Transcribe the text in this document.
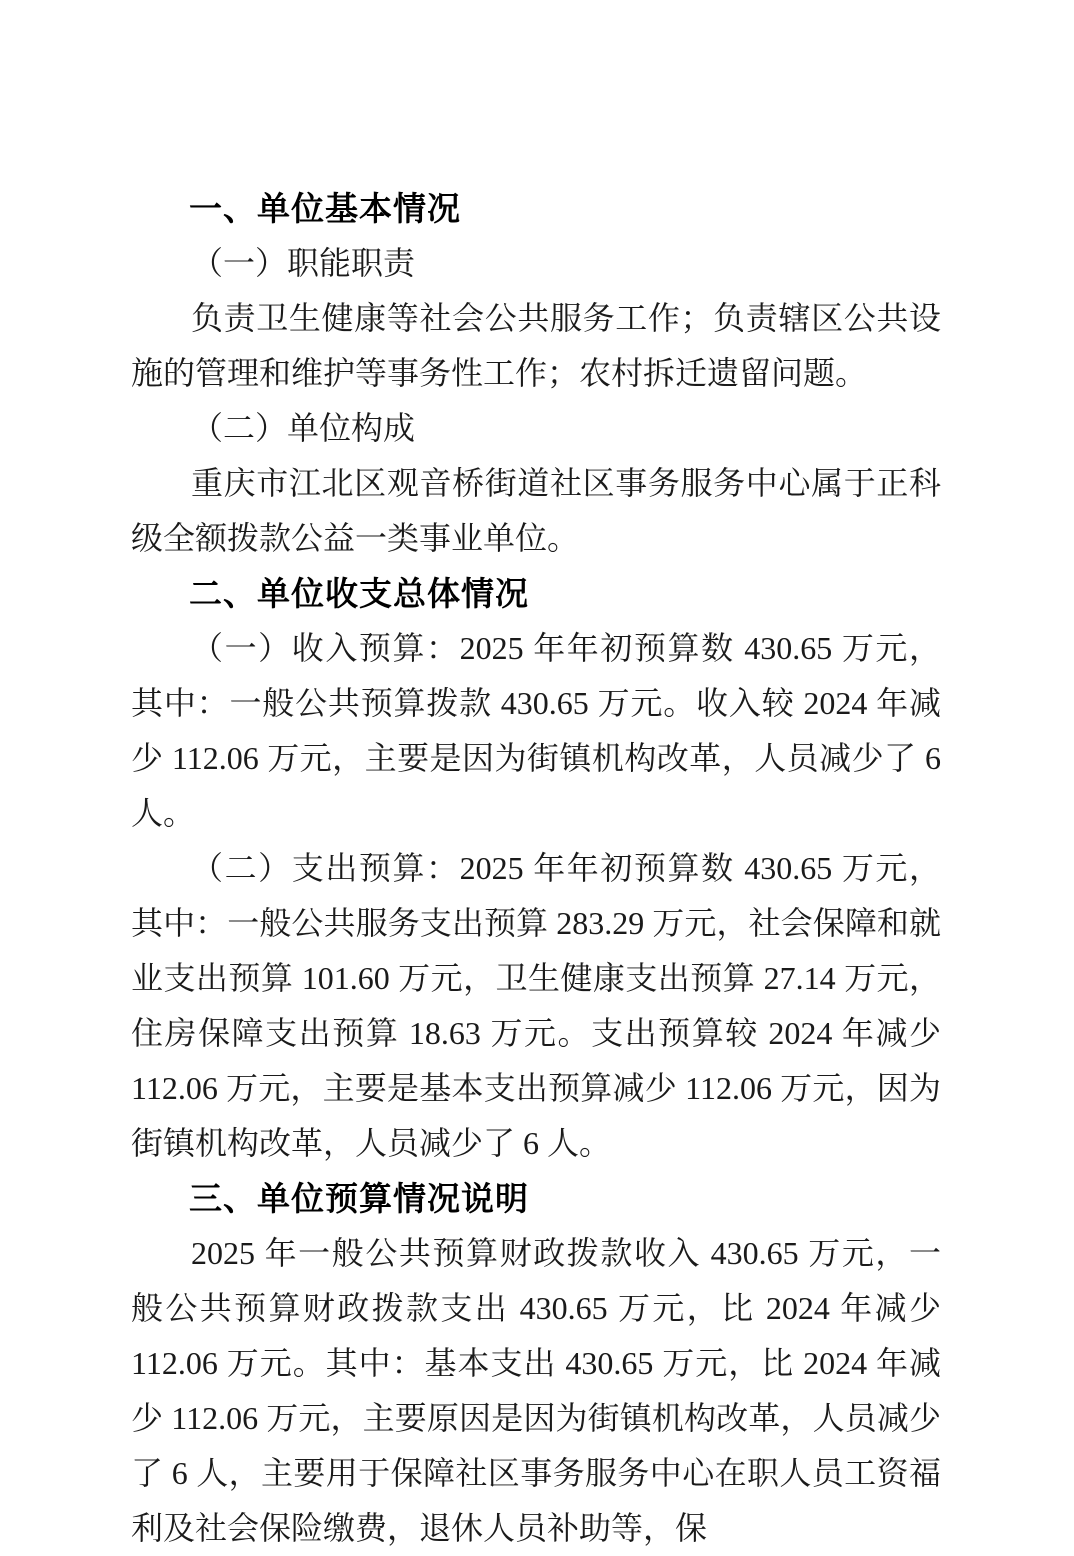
一、单位基本情况

（一）职能职责

负责卫生健康等社会公共服务工作；负责辖区公共设施的管理和维护等事务性工作；农村拆迁遗留问题。

（二）单位构成

重庆市江北区观音桥街道社区事务服务中心属于正科级全额拨款公益一类事业单位。

二、单位收支总体情况

（一）收入预算：2025 年年初预算数 430.65 万元，其中：一般公共预算拨款 430.65 万元。收入较 2024 年减少 112.06 万元，主要是因为街镇机构改革，人员减少了 6 人。

（二）支出预算：2025 年年初预算数 430.65 万元，其中：一般公共服务支出预算 283.29 万元，社会保障和就业支出预算 101.60 万元，卫生健康支出预算 27.14 万元，住房保障支出预算 18.63 万元。支出预算较 2024 年减少 112.06 万元，主要是基本支出预算减少 112.06 万元，因为街镇机构改革，人员减少了 6 人。

三、单位预算情况说明

2025 年一般公共预算财政拨款收入 430.65 万元，一般公共预算财政拨款支出 430.65 万元，比 2024 年减少 112.06 万元。其中：基本支出 430.65 万元，比 2024 年减少 112.06 万元，主要原因是因为街镇机构改革，人员减少了 6 人，主要用于保障社区事务服务中心在职人员工资福利及社会保险缴费，退休人员补助等，保
